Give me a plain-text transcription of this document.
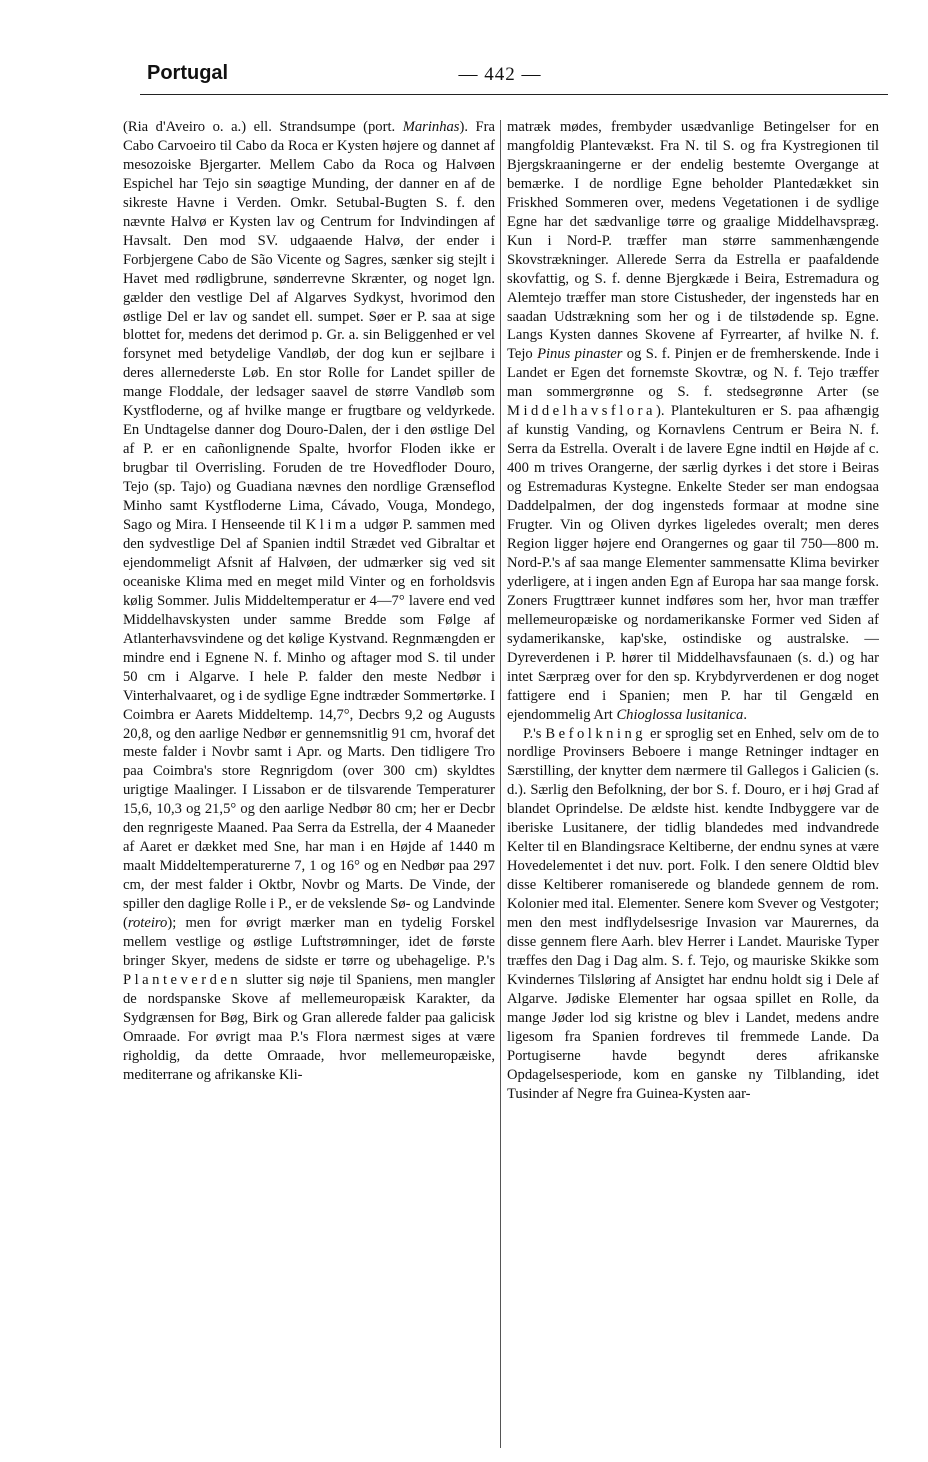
Portugal	— 442 —

(Ria d'Aveiro o. a.) ell. Strandsumpe (port. Marinhas). Fra Cabo Carvoeiro til Cabo da Roca er Kysten højere og dannet af mesozoiske Bjergarter. Mellem Cabo da Roca og Halvøen Espichel har Tejo sin søagtige Munding, der danner en af de sikreste Havne i Verden. Omkr. Setubal-Bugten S. f. den nævnte Halvø er Kysten lav og Centrum for Indvindingen af Havsalt. Den mod SV. udgaaende Halvø, der ender i Forbjergene Cabo de São Vicente og Sagres, sænker sig stejlt i Havet med rødligbrune, sønderrevne Skrænter, og noget lgn. gælder den vestlige Del af Algarves Sydkyst, hvorimod den østlige Del er lav og sandet ell. sumpet. Søer er P. saa at sige blottet for, medens det derimod p. Gr. a. sin Beliggenhed er vel forsynet med betydelige Vandløb, der dog kun er sejlbare i deres allernederste Løb. En stor Rolle for Landet spiller de mange Floddale, der ledsager saavel de større Vandløb som Kystfloderne, og af hvilke mange er frugtbare og veldyrkede. En Undtagelse danner dog Douro-Dalen, der i den østlige Del af P. er en cañonlignende Spalte, hvorfor Floden ikke er brugbar til Overrisling. Foruden de tre Hovedfloder Douro, Tejo (sp. Tajo) og Guadiana nævnes den nordlige Grænseflod Minho samt Kystfloderne Lima, Cávado, Vouga, Mondego, Sago og Mira. I Henseende til Klima udgør P. sammen med den sydvestlige Del af Spanien indtil Strædet ved Gibraltar et ejendommeligt Afsnit af Halvøen, der udmærker sig ved sit oceaniske Klima med en meget mild Vinter og en forholdsvis kølig Sommer. Julis Middeltemperatur er 4—7° lavere end ved Middelhavskysten under samme Bredde som Følge af Atlanterhavsvindene og det kølige Kystvand. Regnmængden er mindre end i Egnene N. f. Minho og aftager mod S. til under 50 cm i Algarve. I hele P. falder den meste Nedbør i Vinterhalvaaret, og i de sydlige Egne indtræder Sommertørke. I Coimbra er Aarets Middeltemp. 14,7°, Decbrs 9,2 og Augusts 20,8, og den aarlige Nedbør er gennemsnitlig 91 cm, hvoraf det meste falder i Novbr samt i Apr. og Marts. Den tidligere Tro paa Coimbra's store Regnrigdom (over 300 cm) skyldtes urigtige Maalinger. I Lissabon er de tilsvarende Temperaturer 15,6, 10,3 og 21,5° og den aarlige Nedbør 80 cm; her er Decbr den regnrigeste Maaned. Paa Serra da Estrella, der 4 Maaneder af Aaret er dækket med Sne, har man i en Højde af 1440 m maalt Middeltemperaturerne 7, 1 og 16° og en Nedbør paa 297 cm, der mest falder i Oktbr, Novbr og Marts. De Vinde, der spiller den daglige Rolle i P., er de vekslende Sø- og Landvinde (roteiro); men for øvrigt mærker man en tydelig Forskel mellem vestlige og østlige Luftstrømninger, idet de første bringer Skyer, medens de sidste er tørre og ubehagelige. P.'s Planteverden slutter sig nøje til Spaniens, men mangler de nordspanske Skove af mellemeuropæisk Karakter, da Sydgrænsen for Bøg, Birk og Gran allerede falder paa galicisk Omraade. For øvrigt maa P.'s Flora nærmest siges at være righoldig, da dette Omraade, hvor mellemeuropæiske, mediterrane og afrikanske Kli-

matræk mødes, frembyder usædvanlige Betingelser for en mangfoldig Plantevækst. Fra N. til S. og fra Kystregionen til Bjergskraaningerne er der endelig bestemte Overgange at bemærke. I de nordlige Egne beholder Plantedækket sin Friskhed Sommeren over, medens Vegetationen i de sydlige Egne har det sædvanlige tørre og graalige Middelhavspræg. Kun i Nord-P. træffer man større sammenhængende Skovstrækninger. Allerede Serra da Estrella er paafaldende skovfattig, og S. f. denne Bjergkæde i Beira, Estremadura og Alemtejo træffer man store Cistusheder, der ingensteds har en saadan Udstrækning som her og i de tilstødende sp. Egne. Langs Kysten dannes Skovene af Fyrrearter, af hvilke N. f. Tejo Pinus pinaster og S. f. Pinjen er de fremherskende. Inde i Landet er Egen det fornemste Skovtræ, og N. f. Tejo træffer man sommergrønne og S. f. stedsegrønne Arter (se Middelhavsflora). Plantekulturen er S. paa afhængig af kunstig Vanding, og Kornavlens Centrum er Beira N. f. Serra da Estrella. Overalt i de lavere Egne indtil en Højde af c. 400 m trives Orangerne, der særlig dyrkes i det store i Beiras og Estremaduras Kystegne. Enkelte Steder ser man endogsaa Daddelpalmen, der dog ingensteds formaar at modne sine Frugter. Vin og Oliven dyrkes ligeledes overalt; men deres Region ligger højere end Orangernes og gaar til 750—800 m. Nord-P.'s af saa mange Elementer sammensatte Klima bevirker yderligere, at i ingen anden Egn af Europa har saa mange forsk. Zoners Frugttræer kunnet indføres som her, hvor man træffer mellemeuropæiske og nordamerikanske Former ved Siden af sydamerikanske, kap'ske, ostindiske og australske. — Dyreverdenen i P. hører til Middelhavsfaunaen (s. d.) og har intet Særpræg over for den sp. Krybdyrverdenen er dog noget fattigere end i Spanien; men P. har til Gengæld en ejendommelig Art Chioglossa lusitanica.

P.'s Befolkning er sproglig set en Enhed, selv om de to nordlige Provinsers Beboere i mange Retninger indtager en Særstilling, der knytter dem nærmere til Gallegos i Galicien (s. d.). Særlig den Befolkning, der bor S. f. Douro, er i høj Grad af blandet Oprindelse. De ældste hist. kendte Indbyggere var de iberiske Lusitanere, der tidlig blandedes med indvandrede Kelter til en Blandingsrace Keltiberne, der endnu synes at være Hovedelementet i det nuv. port. Folk. I den senere Oldtid blev disse Keltiberer romaniserede og blandede gennem de rom. Kolonier med ital. Elementer. Senere kom Svever og Vestgoter; men den mest indflydelsesrige Invasion var Maurernes, da disse gennem flere Aarh. blev Herrer i Landet. Mauriske Typer træffes den Dag i Dag alm. S. f. Tejo, og mauriske Skikke som Kvindernes Tilsløring af Ansigtet har endnu holdt sig i Dele af Algarve. Jødiske Elementer har ogsaa spillet en Rolle, da mange Jøder lod sig kristne og blev i Landet, medens andre ligesom fra Spanien fordreves til fremmede Lande. Da Portugiserne havde begyndt deres afrikanske Opdagelsesperiode, kom en ganske ny Tilblanding, idet Tusinder af Negre fra Guinea-Kysten aar-
